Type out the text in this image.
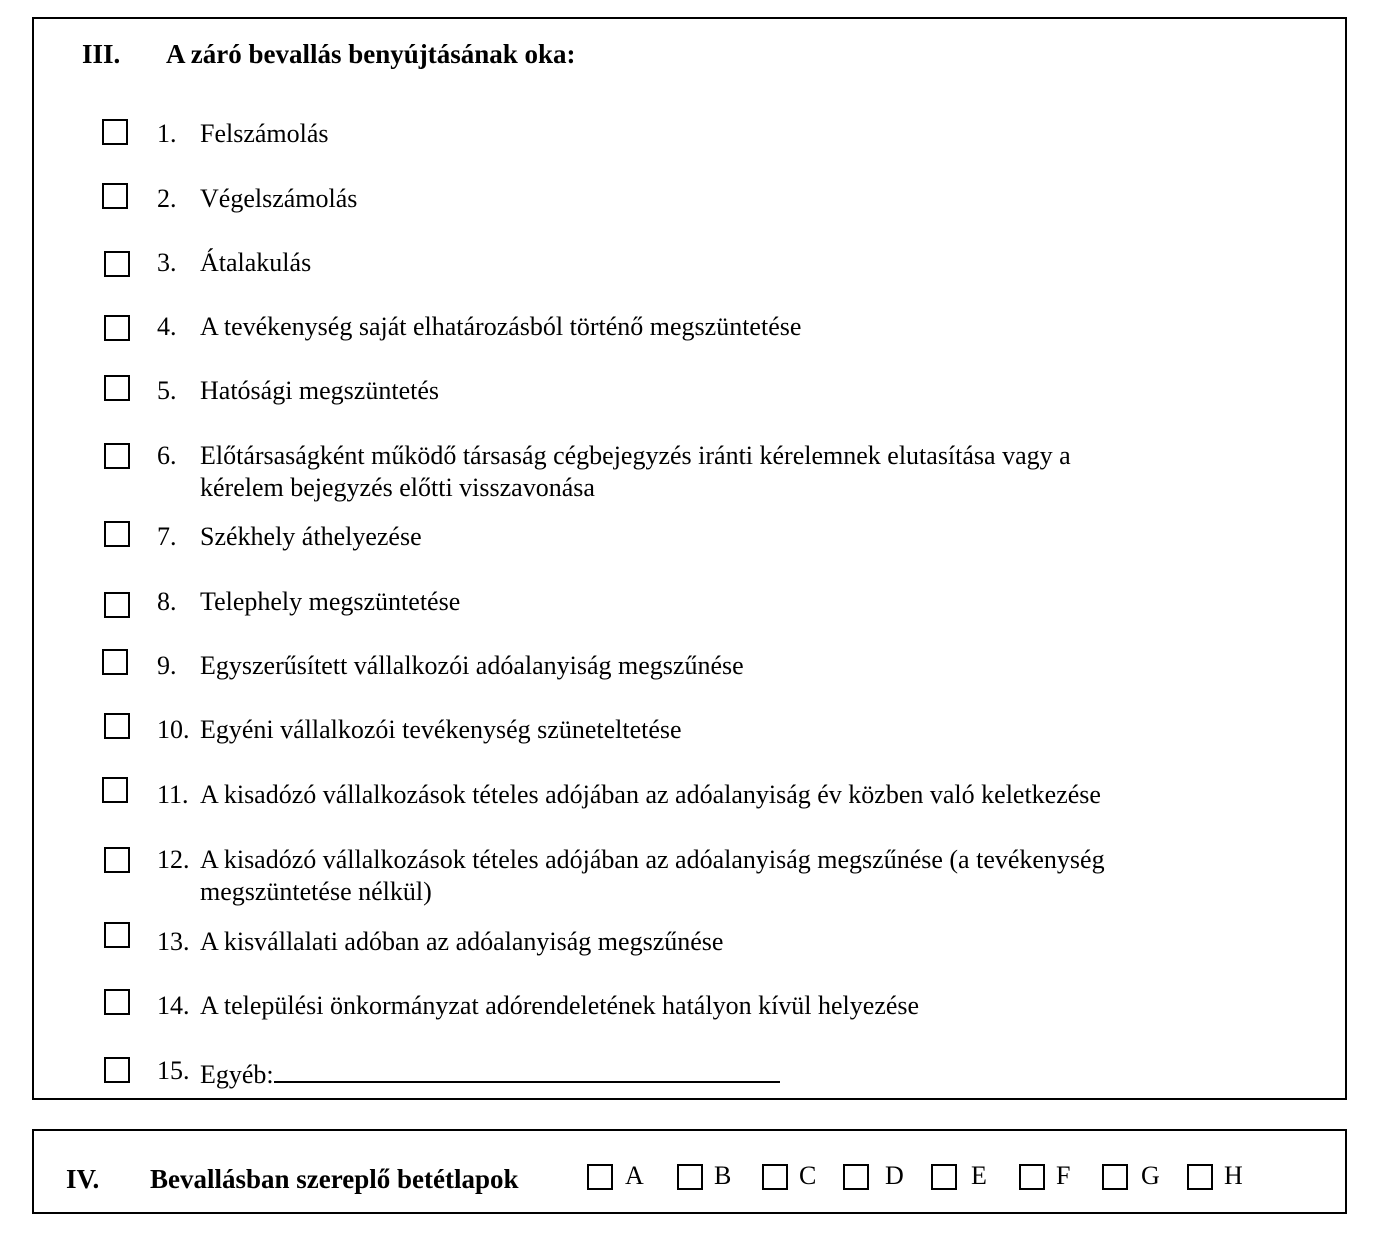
III. A záró bevallás benyújtásának oka:
1. Felszámolás
2. Végelszámolás
3. Átalakulás
4. A tevékenység saját elhatározásból történő megszüntetése
5. Hatósági megszüntetés
6. Előtársaságként működő társaság cégbejegyzés iránti kérelemnek elutasítása vagy a
kérelem bejegyzés előtti visszavonása
7. Székhely áthelyezése
8. Telephely megszüntetése
9. Egyszerűsített vállalkozói adóalanyiság megszűnése
10. Egyéni vállalkozói tevékenység szüneteltetése
11. A kisadózó vállalkozások tételes adójában az adóalanyiság év közben való keletkezése
12. A kisadózó vállalkozások tételes adójában az adóalanyiság megszűnése (a tevékenység
megszüntetése nélkül)
13. A kisvállalati adóban az adóalanyiság megszűnése
14. A települési önkormányzat adórendeletének hatályon kívül helyezése
15. Egyéb:
IV. Bevallásban szereplő betétlapok	A	B	C	D	E	F	G H
